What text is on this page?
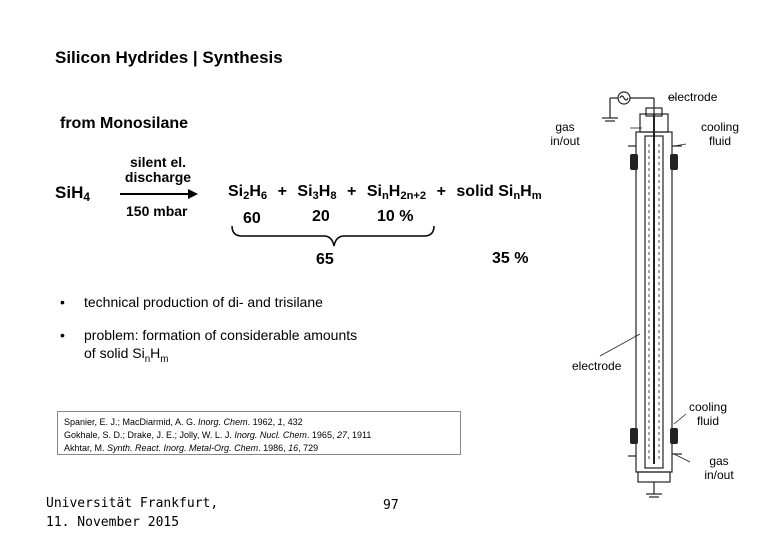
Silicon Hydrides | Synthesis
from Monosilane
SiH$_4$
silent el.
discharge
150 mbar
$Si_2H_6 + Si_3H_8 + Si_nH_{2n+2}$ + solid $Si_nH_m$
60	20	10 %
65	35 %
• technical production of di- and trisilane
• problem: formation of considerable amounts
of solid $Si_nH_m$
Spanier, E. J.; MacDiarmid, A. G. Inorg. Chem. 1962, 1, 432
Gokhale, S. D.; Drake, J. E.; Jolly, W. L. J. Inorg. Nucl. Chem. 1965, 27, 1911
Akhtar, M. Synth. React. Inorg. Metal-Org. Chem. 1986, 16, 729
Universität Frankfurt,
11. November 2015
97
electrode
gas
in/out
cooling
fluid
electrode
cooling
fluid
gas
in/out
